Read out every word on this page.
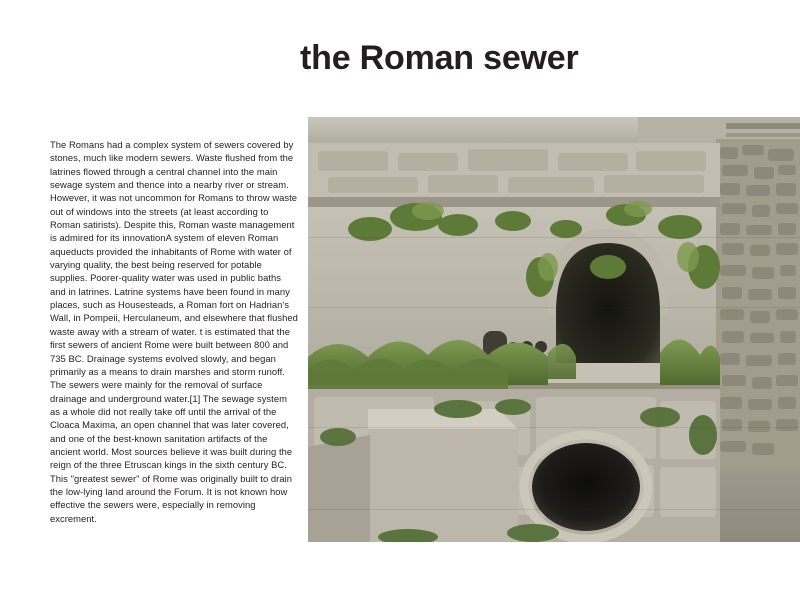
the Roman sewer
The Romans had a complex system of sewers covered by stones, much like modern sewers. Waste flushed from the latrines flowed through a central channel into the main sewage system and thence into a nearby river or stream. However, it was not uncommon for Romans to throw waste out of windows into the streets (at least according to Roman satirists). Despite this, Roman waste management is admired for its innovationA system of eleven Roman aqueducts provided the inhabitants of Rome with water of varying quality, the best being reserved for potable supplies. Poorer-quality water was used in public baths and in latrines. Latrine systems have been found in many places, such as Housesteads, a Roman fort on Hadrian's Wall, in Pompeii, Herculaneum, and elsewhere that flushed waste away with a stream of water. t is estimated that the first sewers of ancient Rome were built between 800 and 735 BC. Drainage systems evolved slowly, and began primarily as a means to drain marshes and storm runoff. The sewers were mainly for the removal of surface drainage and underground water.[1] The sewage system as a whole did not really take off until the arrival of the Cloaca Maxima, an open channel that was later covered, and one of the best-known sanitation artifacts of the ancient world. Most sources believe it was built during the reign of the three Etruscan kings in the sixth century BC. This "greatest sewer" of Rome was originally built to drain the low-lying land around the Forum. It is not known how effective the sewers were, especially in removing excrement.
